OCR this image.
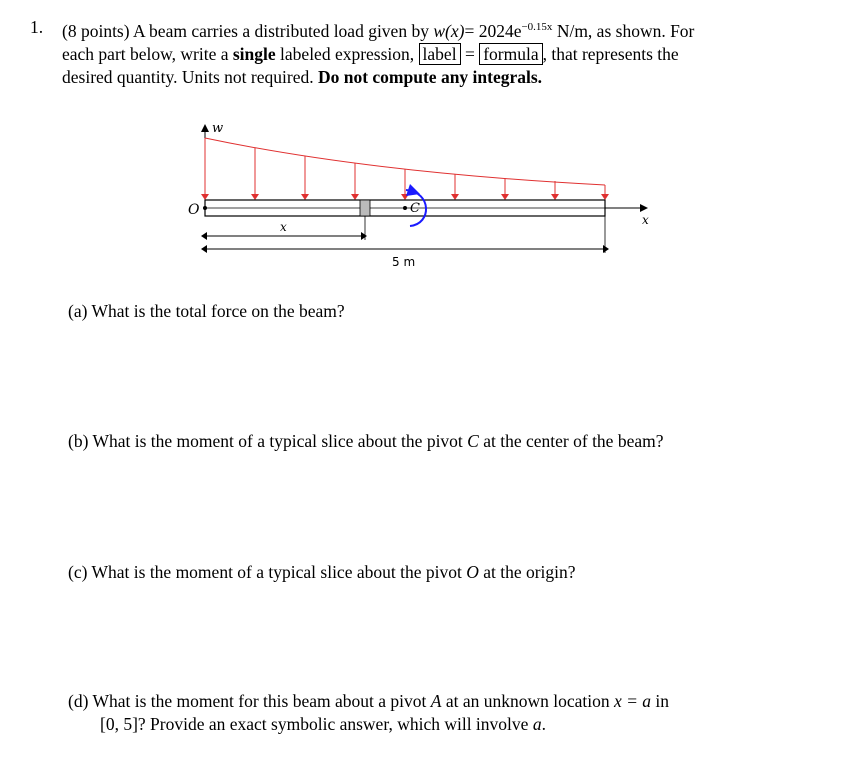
1. (8 points) A beam carries a distributed load given by $w(x)= 2024e^{-0.15x}$ N/m, as shown. For
each part below, write a single labeled expression, label = formula , that represents the
desired quantity. Units not required. Do not compute any integrals.
w
O
x
C
x
5 m
(a) What is the total force on the beam?
(b) What is the moment of a typical slice about the pivot C at the center of the beam?
(c) What is the moment of a typical slice about the pivot O at the origin?
(d) What is the moment for this beam about a pivot A at an unknown location x = a in
[0, 5]? Provide an exact symbolic answer, which will involve a.
